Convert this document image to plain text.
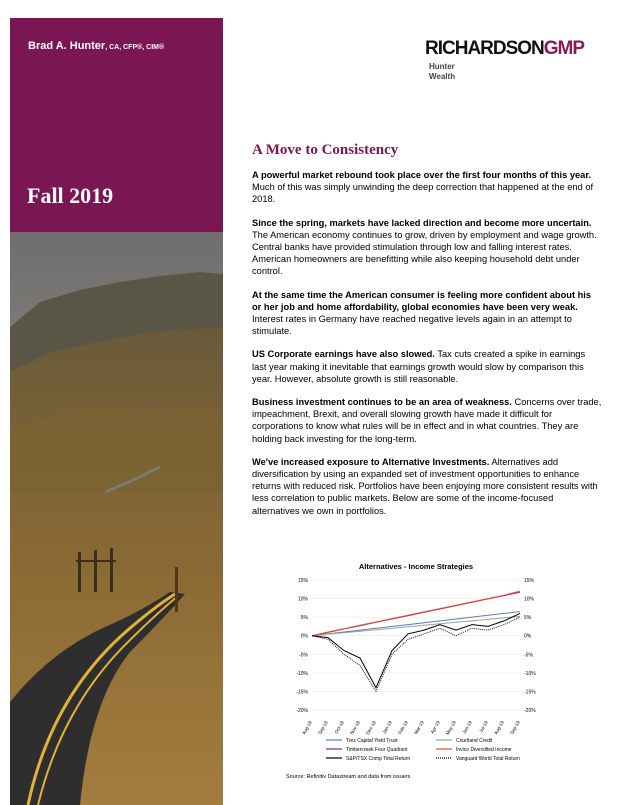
Brad A. Hunter, CA, CFP®, CIM®
Fall 2019
RICHARDSONGMP
Hunter
Wealth
A Move to Consistency

A powerful market rebound took place over the first four months of this year. Much of this was simply unwinding the deep correction that happened at the end of 2018.

Since the spring, markets have lacked direction and become more uncertain. The American economy continues to grow, driven by employment and wage growth. Central banks have provided stimulation through low and falling interest rates. American homeowners are benefitting while also keeping household debt under control.

At the same time the American consumer is feeling more confident about his or her job and home affordability, global economies have been very weak. Interest rates in Germany have reached negative levels again in an attempt to stimulate.

US Corporate earnings have also slowed. Tax cuts created a spike in earnings last year making it inevitable that earnings growth would slow by comparison this year. However, absolute growth is still reasonable.

Business investment continues to be an area of weakness. Concerns over trade, impeachment, Brexit, and overall slowing growth have made it difficult for corporations to know what rules will be in effect and in what countries. They are holding back investing for the long-term.

We've increased exposure to Alternative Investments. Alternatives add diversification by using an expanded set of investment opportunities to enhance returns with reduced risk. Portfolios have been enjoying more consistent results with less correlation to public markets. Below are some of the income-focused alternatives we own in portfolios.

Alternatives - Income Strategies
15%	15%
10%	10%
5%	5%
0%	0%
-5%	-5%
-10%	-10%
-15%	-15%
-20%	-20%
Aug-18 Sep-18 Oct-18 Nov-18 Dec-18 Jan-19 Feb-19 Mar-19 Apr-19 May-19 Jun-19 Jul-19 Aug-19 Sep-19
Trez Capital Yield Trust	Courtland Credit
Timbercreek Four Quadrant	Invico Diversified Income
S&P/TSX Comp Total Return	Vanguard World Total Return
Source: Refinitiv Datastream and data from issuers
